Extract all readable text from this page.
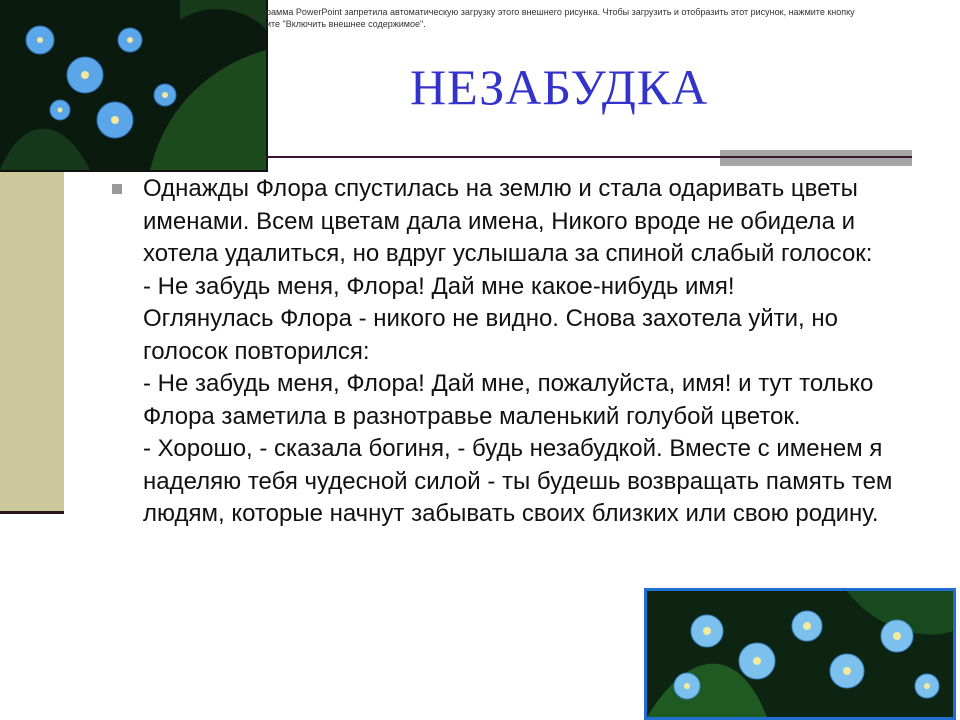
рамма PowerPoint запретила автоматическую загрузку этого внешнего рисунка. Чтобы загрузить и отобразить этот рисунок, нажмите кнопку
ите "Включить внешнее содержимое".
НЕЗАБУДКА

Однажды Флора спустилась на землю и стала одаривать цветы именами. Всем цветам дала имена, Никого вроде не обидела и хотела удалиться, но вдруг услышала за спиной слабый голосок:
- Не забудь меня, Флора! Дай мне какое-нибудь имя!
Оглянулась Флора - никого не видно. Снова захотела уйти, но голосок повторился:
- Не забудь меня, Флора! Дай мне, пожалуйста, имя! и тут только Флора заметила в разнотравье маленький голубой цветок.
- Хорошо, - сказала богиня, - будь незабудкой. Вместе с именем я наделяю тебя чудесной силой - ты будешь возвращать память тем людям, которые начнут забывать своих близких или свою родину.
